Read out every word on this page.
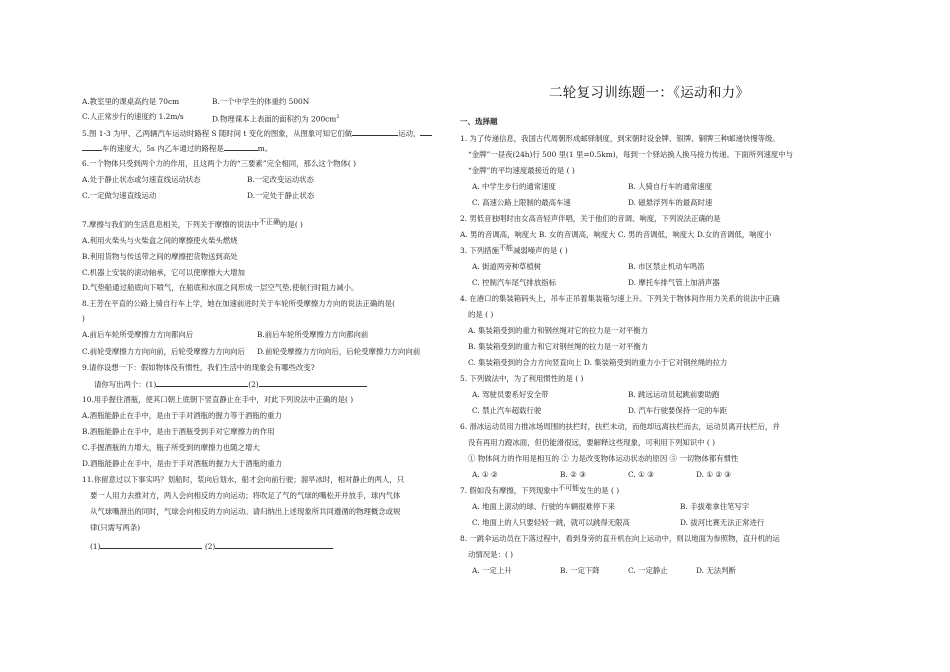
A.教室里的课桌高约是 70cm	B.一个中学生的体重约 500N
C.人正常步行的速度约 1.2m/s	D.物理课本上表面的面积约为 $200cm^2$
5.图 1-3 为甲、乙两辆汽车运动时路程 S 随时间 t 变化的图象，从图象可知它们做	运动，
车的速度大，5s 内乙车通过的路程是	m。
6.一个物体只受到两个力的作用，且这两个力的“三要素”完全相同，那么这个物体( )
A.处于静止状态或匀速直线运动状态	B.一定改变运动状态
C.一定做匀速直线运动	D.一定处于静止状态
7.摩擦与我们的生活息息相关，下列关于摩擦的说法中不正确的是( )
A.利用火柴头与火柴盒之间的摩擦使火柴头燃烧
B.利用货物与传送带之间的摩擦把货物送到高处
C.机器上安装的滚动轴承，它可以使摩擦大大增加
D.气垫船通过船底向下喷气，在船底和水面之间形成一层空气垫,使航行时阻力减小。
8.王芳在平直的公路上骑自行车上学，她在加速前进时关于车轮所受摩擦力方向的说法正确的是(
)
A.前后车轮所受摩擦力方向都向后	B.前后车轮所受摩擦力方向都向前
C.前轮受摩擦力方向向前，后轮受摩擦力方向向后 D.前轮受摩擦力方向向后，后轮受摩擦力方向向前
9.请你设想一下：假如物体没有惯性，我们生活中的现象会有哪些改变?
请你写出两个：(1)	(2)
10.用手握住酒瓶，使其口朝上底朝下竖直静止在手中，对此下列说法中正确的是( )
A.酒瓶能静止在手中，是由于手对酒瓶的握力等于酒瓶的重力
B.酒瓶能静止在手中，是由于酒瓶受到手对它摩擦力的作用
C.手握酒瓶的力增大，瓶子所受到的摩擦力也随之增大
D.酒瓶能静止在手中，是由于手对酒瓶的握力大于酒瓶的重力
11.你留意过以下事实吗？划船时，浆向后划水，船才会向前行驶；溜旱冰时，相对静止的两人，只
要一人用力去推对方，两人会向相反的方向运动；将吹足了气的气球的嘴松开并放手，球内气体
从气球嘴泄出的同时，气球会向相反的方向运动。请归纳出上述现象所共同遵循的物理概念或规
律(只需写两条)
(1)	(2)
二轮复习训练题一：《运动和力》
一、选择题
1. 为了传递信息，我国古代周朝形成邮驿制度，到宋朝时设金牌、银牌、铜牌三种邮递快慢等级。
“金牌”一昼夜(24h)行 500 里(1 里=0.5km)，每到一个驿站换人换马接力传递。下面所列速度中与
“金牌”的平均速度最接近的是 ( )
A. 中学生步行的通常速度	B. 人骑自行车的通常速度
C. 高速公路上限制的最高车速	D. 磁悬浮列车的最高时速
2. 男低音独唱时由女高音轻声伴唱，关于他们的音调、响度，下列说法正确的是
A. 男的音调高，响度大 B. 女的音调高，响度大 C. 男的音调低，响度大 D.女的音调低，响度小
3. 下列措施不能减弱噪声的是 ( )
A. 街道两旁种草植树	B. 市区禁止机动车鸣笛
C. 控制汽车尾气排放指标	D. 摩托车排气管上加消声器
4. 在港口的集装箱码头上，吊车正吊着集装箱匀速上升。下列关于物体间作用力关系的说法中正确
的是 ( )
A. 集装箱受到的重力和钢丝绳对它的拉力是一对平衡力
B. 集装箱受到的重力和它对钢丝绳的拉力是一对平衡力
C. 集装箱受到的合力方向竖直向上 D. 集装箱受到的重力小于它对钢丝绳的拉力
5. 下列做法中，为了利用惯性的是 ( )
A. 驾驶员要系好安全带	B. 跳远运动员起跳前要助跑
C. 禁止汽车超载行驶	D. 汽车行驶要保持一定的车距
6. 滑冰运动员用力推冰场周围的扶栏时，扶栏未动，而他却远离扶栏而去，运动员离开扶栏后，并
没有再用力蹬冰面，但仍能滑很远，要解释这些现象，可利用下列知识中 ( )
① 物体间力的作用是相互的 ② 力是改变物体运动状态的原因 ③ 一切物体都有惯性
A. ① ②	B. ② ③	C. ① ③	D. ① ② ③
7. 假如没有摩擦，下列现象中不可能发生的是 ( )
A. 地面上滚动的球、行驶的车辆很难停下来	B. 手拔难拿住笔写字
C. 地面上的人只要轻轻一跳，就可以跳得无限高	D. 拔河比赛无法正常进行
8. 一跳伞运动员在下落过程中，看到身旁的直升机在向上运动中，则以地面为参照物，直升机的运
动情况是：( )
A. 一定上升	B. 一定下降	C. 一定静止	D. 无法判断
